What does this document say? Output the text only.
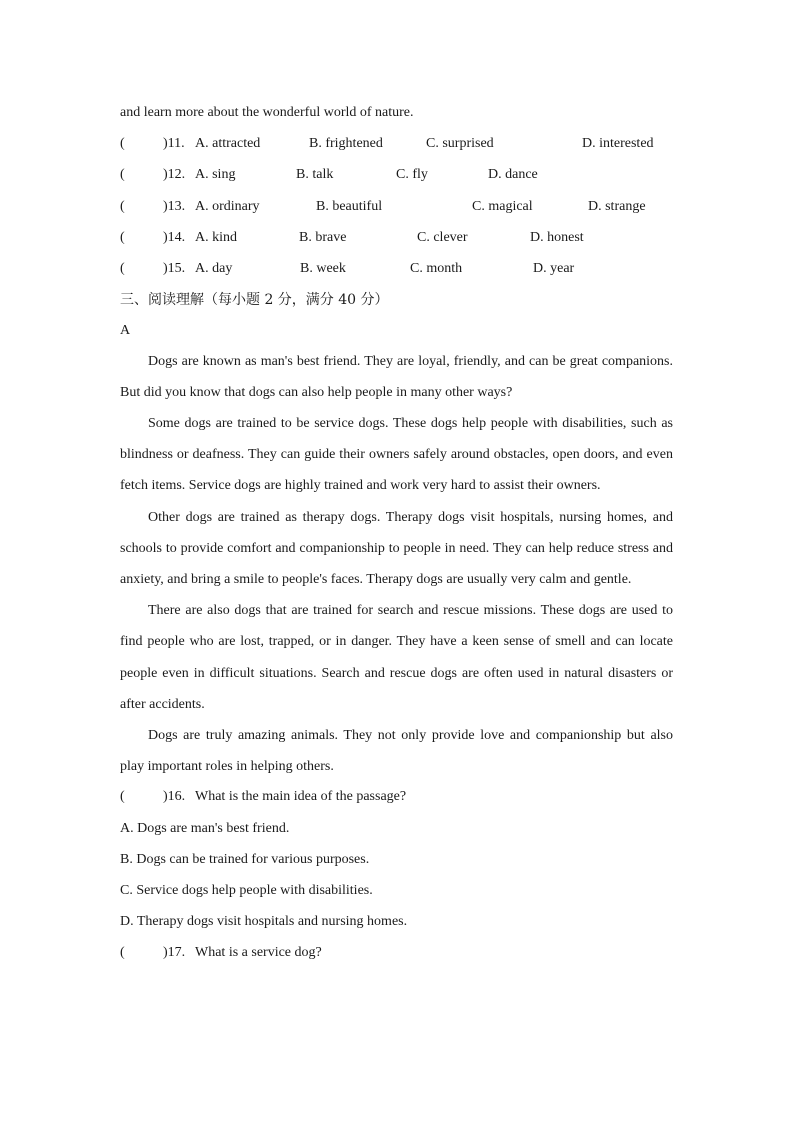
and learn more about the wonderful world of nature.
(	)11. A. attracted	B. frightened	C. surprised	D. interested
(	)12. A. sing	B. talk	C. fly	D. dance
(	)13. A. ordinary	B. beautiful	C. magical	D. strange
(	)14. A. kind	B. brave	C. clever	D. honest
(	)15. A. day	B. week	C. month	D. year
三、阅读理解（每小题 2 分，满分 40 分）
A

Dogs are known as man's best friend. They are loyal, friendly, and can be great companions. But did you know that dogs can also help people in many other ways?

Some dogs are trained to be service dogs. These dogs help people with disabilities, such as blindness or deafness. They can guide their owners safely around obstacles, open doors, and even fetch items. Service dogs are highly trained and work very hard to assist their owners.

Other dogs are trained as therapy dogs. Therapy dogs visit hospitals, nursing homes, and schools to provide comfort and companionship to people in need. They can help reduce stress and anxiety, and bring a smile to people's faces. Therapy dogs are usually very calm and gentle.

There are also dogs that are trained for search and rescue missions. These dogs are used to find people who are lost, trapped, or in danger. They have a keen sense of smell and can locate people even in difficult situations. Search and rescue dogs are often used in natural disasters or after accidents.

Dogs are truly amazing animals. They not only provide love and companionship but also play important roles in helping others.

(	)16. What is the main idea of the passage?
A. Dogs are man's best friend.
B. Dogs can be trained for various purposes.
C. Service dogs help people with disabilities.
D. Therapy dogs visit hospitals and nursing homes.
(	)17. What is a service dog?
